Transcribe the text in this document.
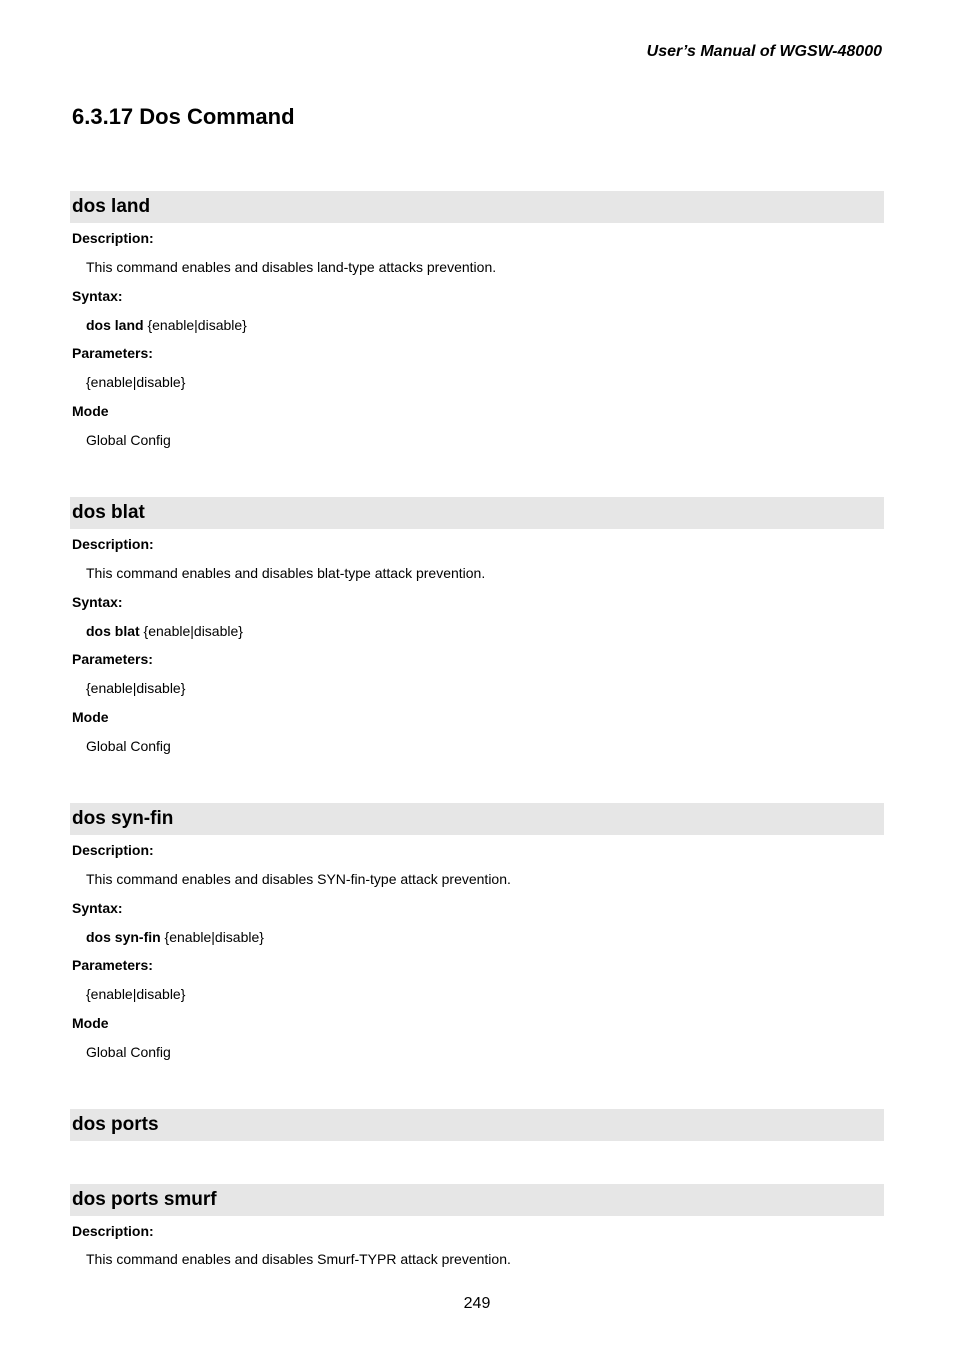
User’s Manual of WGSW-48000
6.3.17 Dos Command
dos land
Description:
This command enables and disables land-type attacks prevention.
Syntax:
dos land {enable|disable}
Parameters:
{enable|disable}
Mode
Global Config
dos blat
Description:
This command enables and disables blat-type attack prevention.
Syntax:
dos blat {enable|disable}
Parameters:
{enable|disable}
Mode
Global Config
dos syn-fin
Description:
This command enables and disables SYN-fin-type attack prevention.
Syntax:
dos syn-fin {enable|disable}
Parameters:
{enable|disable}
Mode
Global Config
dos ports
dos ports smurf
Description:
This command enables and disables Smurf-TYPR attack prevention.
249
